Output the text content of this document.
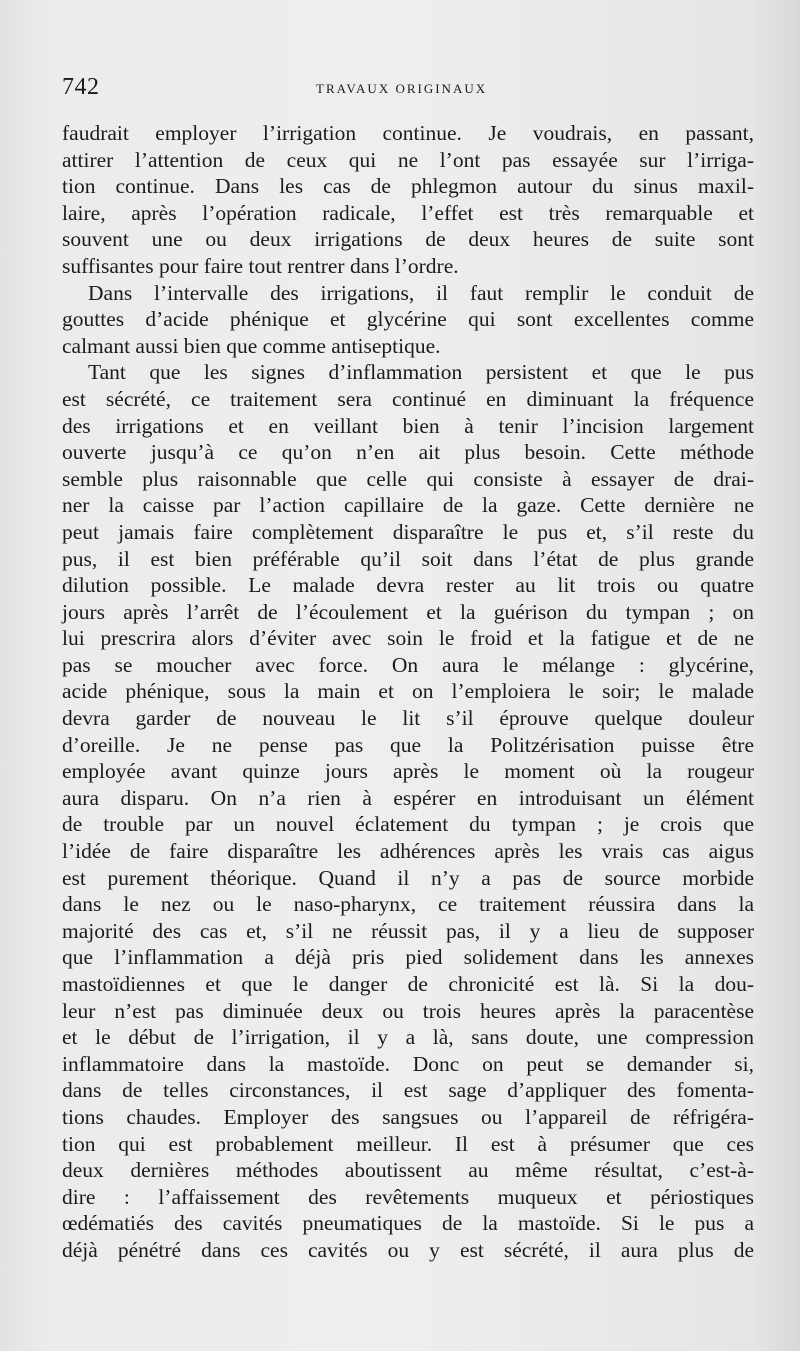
742	TRAVAUX ORIGINAUX
faudrait employer l’irrigation continue. Je voudrais, en passant,
attirer l’attention de ceux qui ne l’ont pas essayée sur l’irriga-
tion continue. Dans les cas de phlegmon autour du sinus maxil-
laire, après l’opération radicale, l’effet est très remarquable et
souvent une ou deux irrigations de deux heures de suite sont
suffisantes pour faire tout rentrer dans l’ordre.
Dans l’intervalle des irrigations, il faut remplir le conduit de
gouttes d’acide phénique et glycérine qui sont excellentes comme
calmant aussi bien que comme antiseptique.
Tant que les signes d’inflammation persistent et que le pus
est sécrété, ce traitement sera continué en diminuant la fréquence
des irrigations et en veillant bien à tenir l’incision largement
ouverte jusqu’à ce qu’on n’en ait plus besoin. Cette méthode
semble plus raisonnable que celle qui consiste à essayer de drai-
ner la caisse par l’action capillaire de la gaze. Cette dernière ne
peut jamais faire complètement disparaître le pus et, s’il reste du
pus, il est bien préférable qu’il soit dans l’état de plus grande
dilution possible. Le malade devra rester au lit trois ou quatre
jours après l’arrêt de l’écoulement et la guérison du tympan ; on
lui prescrira alors d’éviter avec soin le froid et la fatigue et de ne
pas se moucher avec force. On aura le mélange : glycérine,
acide phénique, sous la main et on l’emploiera le soir; le malade
devra garder de nouveau le lit s’il éprouve quelque douleur
d’oreille. Je ne pense pas que la Politzérisation puisse être
employée avant quinze jours après le moment où la rougeur
aura disparu. On n’a rien à espérer en introduisant un élément
de trouble par un nouvel éclatement du tympan ; je crois que
l’idée de faire disparaître les adhérences après les vrais cas aigus
est purement théorique. Quand il n’y a pas de source morbide
dans le nez ou le naso-pharynx, ce traitement réussira dans la
majorité des cas et, s’il ne réussit pas, il y a lieu de supposer
que l’inflammation a déjà pris pied solidement dans les annexes
mastoïdiennes et que le danger de chronicité est là. Si la dou-
leur n’est pas diminuée deux ou trois heures après la paracentèse
et le début de l’irrigation, il y a là, sans doute, une compression
inflammatoire dans la mastoïde. Donc on peut se demander si,
dans de telles circonstances, il est sage d’appliquer des fomenta-
tions chaudes. Employer des sangsues ou l’appareil de réfrigéra-
tion qui est probablement meilleur. Il est à présumer que ces
deux dernières méthodes aboutissent au même résultat, c’est-à-
dire : l’affaissement des revêtements muqueux et périostiques
œdématiés des cavités pneumatiques de la mastoïde. Si le pus a
déjà pénétré dans ces cavités ou y est sécrété, il aura plus de
